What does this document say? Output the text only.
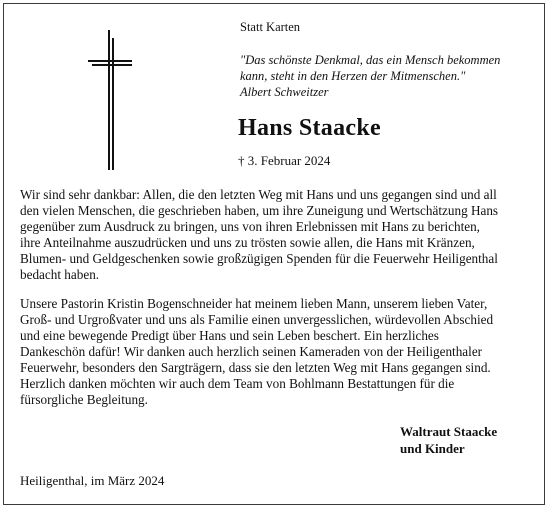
Statt Karten
"Das schönste Denkmal, das ein Mensch bekommen
kann, steht in den Herzen der Mitmenschen."
Albert Schweitzer
Hans Staacke
† 3. Februar 2024
Wir sind sehr dankbar: Allen, die den letzten Weg mit Hans und uns gegangen sind und all
den vielen Menschen, die geschrieben haben, um ihre Zuneigung und Wertschätzung Hans
gegenüber zum Ausdruck zu bringen, uns von ihren Erlebnissen mit Hans zu berichten,
ihre Anteilnahme auszudrücken und uns zu trösten sowie allen, die Hans mit Kränzen,
Blumen- und Geldgeschenken sowie großzügigen Spenden für die Feuerwehr Heiligenthal
bedacht haben.
Unsere Pastorin Kristin Bogenschneider hat meinem lieben Mann, unserem lieben Vater,
Groß- und Urgroßvater und uns als Familie einen unvergesslichen, würdevollen Abschied
und eine bewegende Predigt über Hans und sein Leben beschert. Ein herzliches
Dankeschön dafür! Wir danken auch herzlich seinen Kameraden von der Heiligenthaler
Feuerwehr, besonders den Sargträgern, dass sie den letzten Weg mit Hans gegangen sind.
Herzlich danken möchten wir auch dem Team von Bohlmann Bestattungen für die
fürsorgliche Begleitung.
Waltraut Staacke
und Kinder
Heiligenthal, im März 2024
